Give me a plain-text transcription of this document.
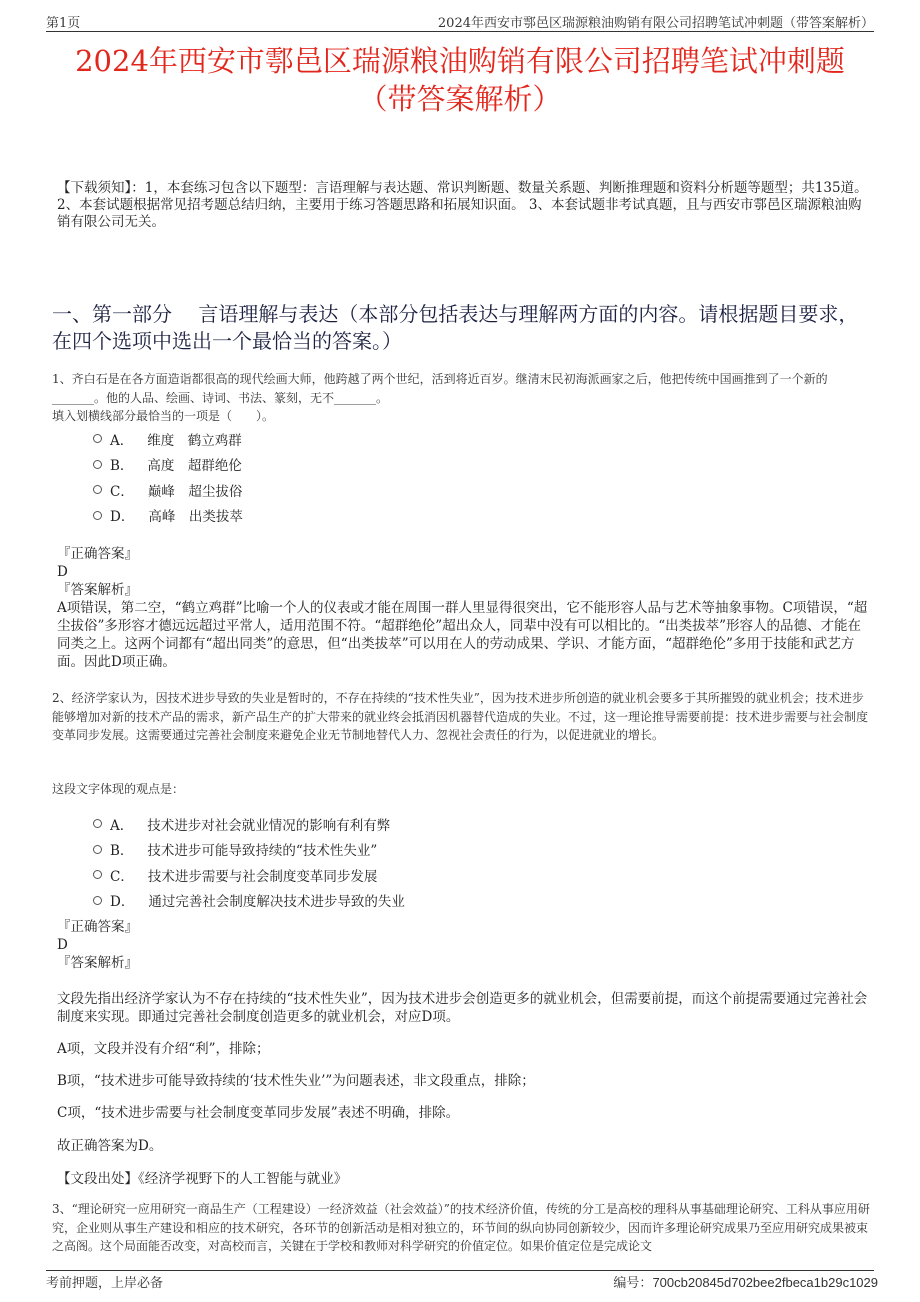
第1页	2024年西安市鄠邑区瑞源粮油购销有限公司招聘笔试冲刺题（带答案解析）
2024年西安市鄠邑区瑞源粮油购销有限公司招聘笔试冲刺题
（带答案解析）
【下载须知】：1，本套练习包含以下题型：言语理解与表达题、常识判断题、数量关系题、判断推理题和资料分析题等题型；共135道。 2、本套试题根据常见招考题总结归纳，主要用于练习答题思路和拓展知识面。 3、本套试题非考试真题，且与西安市鄠邑区瑞源粮油购销有限公司无关。
一、第一部分　 言语理解与表达（本部分包括表达与理解两方面的内容。请根据题目要求，在四个选项中选出一个最恰当的答案。）
1、齐白石是在各方面造诣都很高的现代绘画大师，他跨越了两个世纪，活到将近百岁。继清末民初海派画家之后，他把传统中国画推到了一个新的_______。他的人品、绘画、诗词、书法、篆刻，无不_______。
填入划横线部分最恰当的一项是（　　）。
A． 维度　鹤立鸡群
B． 高度　超群绝伦
C． 巅峰　超尘拔俗
D． 高峰　出类拔萃
『正确答案』
D
『答案解析』
A项错误，第二空，“鹤立鸡群”比喻一个人的仪表或才能在周围一群人里显得很突出，它不能形容人品与艺术等抽象事物。C项错误，“超尘拔俗”多形容才德远远超过平常人，适用范围不符。“超群绝伦”超出众人，同辈中没有可以相比的。“出类拔萃”形容人的品德、才能在同类之上。这两个词都有“超出同类”的意思，但“出类拔萃”可以用在人的劳动成果、学识、才能方面，“超群绝伦”多用于技能和武艺方面。因此D项正确。
2、经济学家认为，因技术进步导致的失业是暂时的，不存在持续的“技术性失业”，因为技术进步所创造的就业机会要多于其所摧毁的就业机会；技术进步能够增加对新的技术产品的需求，新产品生产的扩大带来的就业终会抵消因机器替代造成的失业。不过，这一理论推导需要前提：技术进步需要与社会制度变革同步发展。这需要通过完善社会制度来避免企业无节制地替代人力、忽视社会责任的行为，以促进就业的增长。
这段文字体现的观点是：
A． 技术进步对社会就业情况的影响有利有弊
B． 技术进步可能导致持续的“技术性失业”
C． 技术进步需要与社会制度变革同步发展
D． 通过完善社会制度解决技术进步导致的失业
『正确答案』
D
『答案解析』
文段先指出经济学家认为不存在持续的“技术性失业”，因为技术进步会创造更多的就业机会，但需要前提，而这个前提需要通过完善社会制度来实现。即通过完善社会制度创造更多的就业机会，对应D项。
A项，文段并没有介绍“利”，排除；
B项，“技术进步可能导致持续的‘技术性失业’”为问题表述，非文段重点，排除；
C项，“技术进步需要与社会制度变革同步发展”表述不明确，排除。
故正确答案为D。
【文段出处】《经济学视野下的人工智能与就业》
3、“理论研究一应用研究一商品生产（工程建设）一经济效益（社会效益）”的技术经济价值，传统的分工是高校的理科从事基础理论研究、工科从事应用研究，企业则从事生产建设和相应的技术研究，各环节的创新活动是相对独立的，环节间的纵向协同创新较少，因而许多理论研究成果乃至应用研究成果被束之高阁。这个局面能否改变，对高校而言，关键在于学校和教师对科学研究的价值定位。如果价值定位是完成论文
考前押题，上岸必备	编号：700cb20845d702bee2fbeca1b29c1029
